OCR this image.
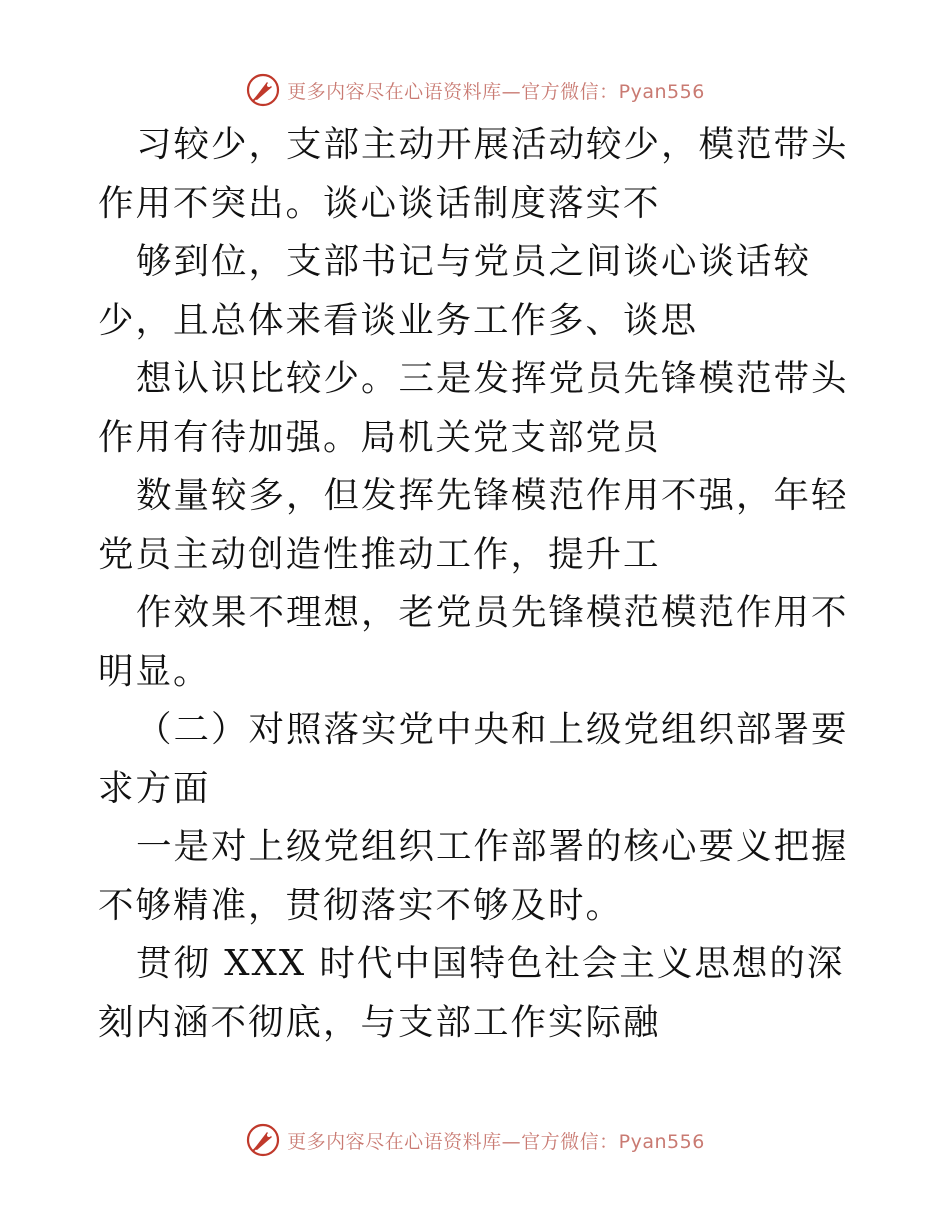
更多内容尽在心语资料库—官方微信：Pyan556

习较少，支部主动开展活动较少，模范带头作用不突出。谈心谈话制度落实不

够到位，支部书记与党员之间谈心谈话较少，且总体来看谈业务工作多、谈思

想认识比较少。三是发挥党员先锋模范带头作用有待加强。局机关党支部党员

数量较多，但发挥先锋模范作用不强，年轻党员主动创造性推动工作，提升工

作效果不理想，老党员先锋模范模范作用不明显。

（二）对照落实党中央和上级党组织部署要求方面

一是对上级党组织工作部署的核心要义把握不够精准，贯彻落实不够及时。

贯彻 XXX 时代中国特色社会主义思想的深刻内涵不彻底，与支部工作实际融

更多内容尽在心语资料库—官方微信：Pyan556
